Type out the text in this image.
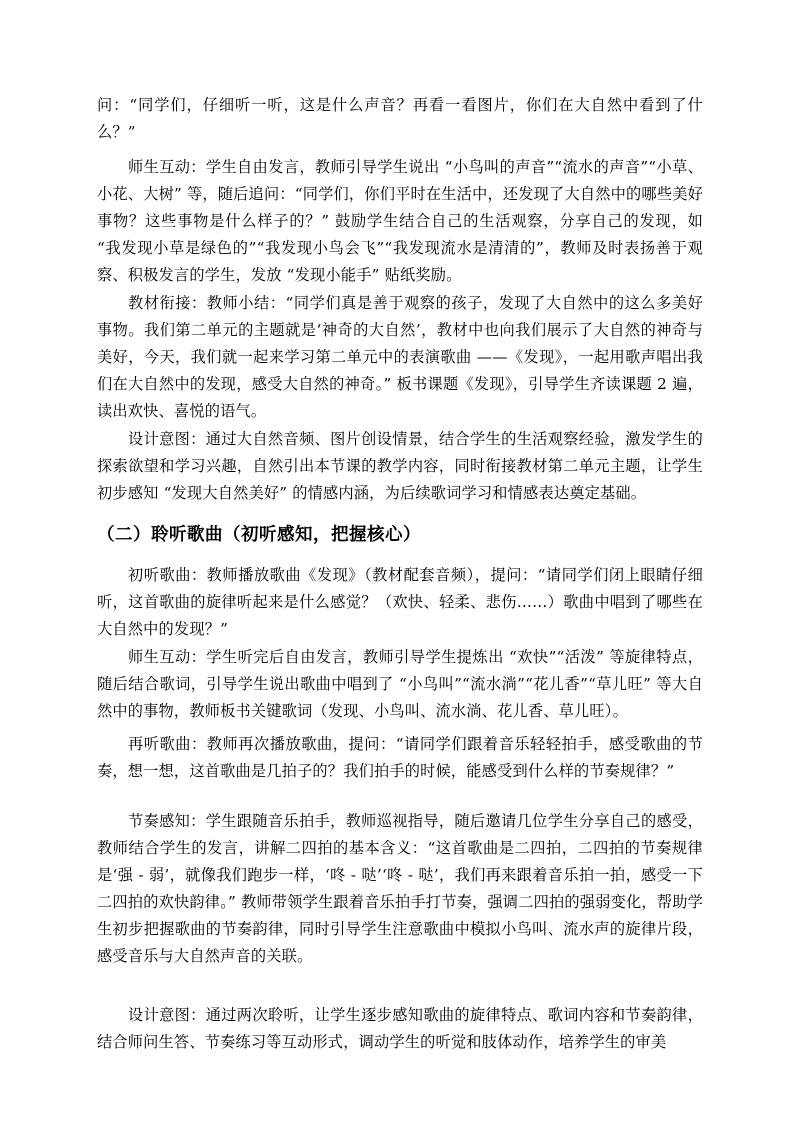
问：“同学们，仔细听一听，这是什么声音？再看一看图片，你们在大自然中看到了什么？”

师生互动：学生自由发言，教师引导学生说出 “小鸟叫的声音”“流水的声音”“小草、小花、大树” 等，随后追问：“同学们，你们平时在生活中，还发现了大自然中的哪些美好事物？这些事物是什么样子的？” 鼓励学生结合自己的生活观察，分享自己的发现，如 “我发现小草是绿色的”“我发现小鸟会飞”“我发现流水是清清的”，教师及时表扬善于观察、积极发言的学生，发放 “发现小能手” 贴纸奖励。

教材衔接：教师小结：“同学们真是善于观察的孩子，发现了大自然中的这么多美好事物。我们第二单元的主题就是‘神奇的大自然’，教材中也向我们展示了大自然的神奇与美好，今天，我们就一起来学习第二单元中的表演歌曲 ——《发现》，一起用歌声唱出我们在大自然中的发现，感受大自然的神奇。” 板书课题《发现》，引导学生齐读课题 2 遍，读出欢快、喜悦的语气。

设计意图：通过大自然音频、图片创设情景，结合学生的生活观察经验，激发学生的探索欲望和学习兴趣，自然引出本节课的教学内容，同时衔接教材第二单元主题，让学生初步感知 “发现大自然美好” 的情感内涵，为后续歌词学习和情感表达奠定基础。

（二）聆听歌曲（初听感知，把握核心）

初听歌曲：教师播放歌曲《发现》（教材配套音频），提问：“请同学们闭上眼睛仔细听，这首歌曲的旋律听起来是什么感觉？（欢快、轻柔、悲伤……）歌曲中唱到了哪些在大自然中的发现？”

师生互动：学生听完后自由发言，教师引导学生提炼出 “欢快”“活泼” 等旋律特点，随后结合歌词，引导学生说出歌曲中唱到了 “小鸟叫”“流水淌”“花儿香”“草儿旺” 等大自然中的事物，教师板书关键歌词（发现、小鸟叫、流水淌、花儿香、草儿旺）。

再听歌曲：教师再次播放歌曲，提问：“请同学们跟着音乐轻轻拍手，感受歌曲的节奏，想一想，这首歌曲是几拍子的？我们拍手的时候，能感受到什么样的节奏规律？”

节奏感知：学生跟随音乐拍手，教师巡视指导，随后邀请几位学生分享自己的感受，教师结合学生的发言，讲解二四拍的基本含义：“这首歌曲是二四拍，二四拍的节奏规律是‘强 - 弱’，就像我们跑步一样，‘咚 - 哒’‘咚 - 哒’，我们再来跟着音乐拍一拍，感受一下二四拍的欢快韵律。” 教师带领学生跟着音乐拍手打节奏，强调二四拍的强弱变化，帮助学生初步把握歌曲的节奏韵律，同时引导学生注意歌曲中模拟小鸟叫、流水声的旋律片段，感受音乐与大自然声音的关联。

设计意图：通过两次聆听，让学生逐步感知歌曲的旋律特点、歌词内容和节奏韵律，结合师问生答、节奏练习等互动形式，调动学生的听觉和肢体动作，培养学生的审美
